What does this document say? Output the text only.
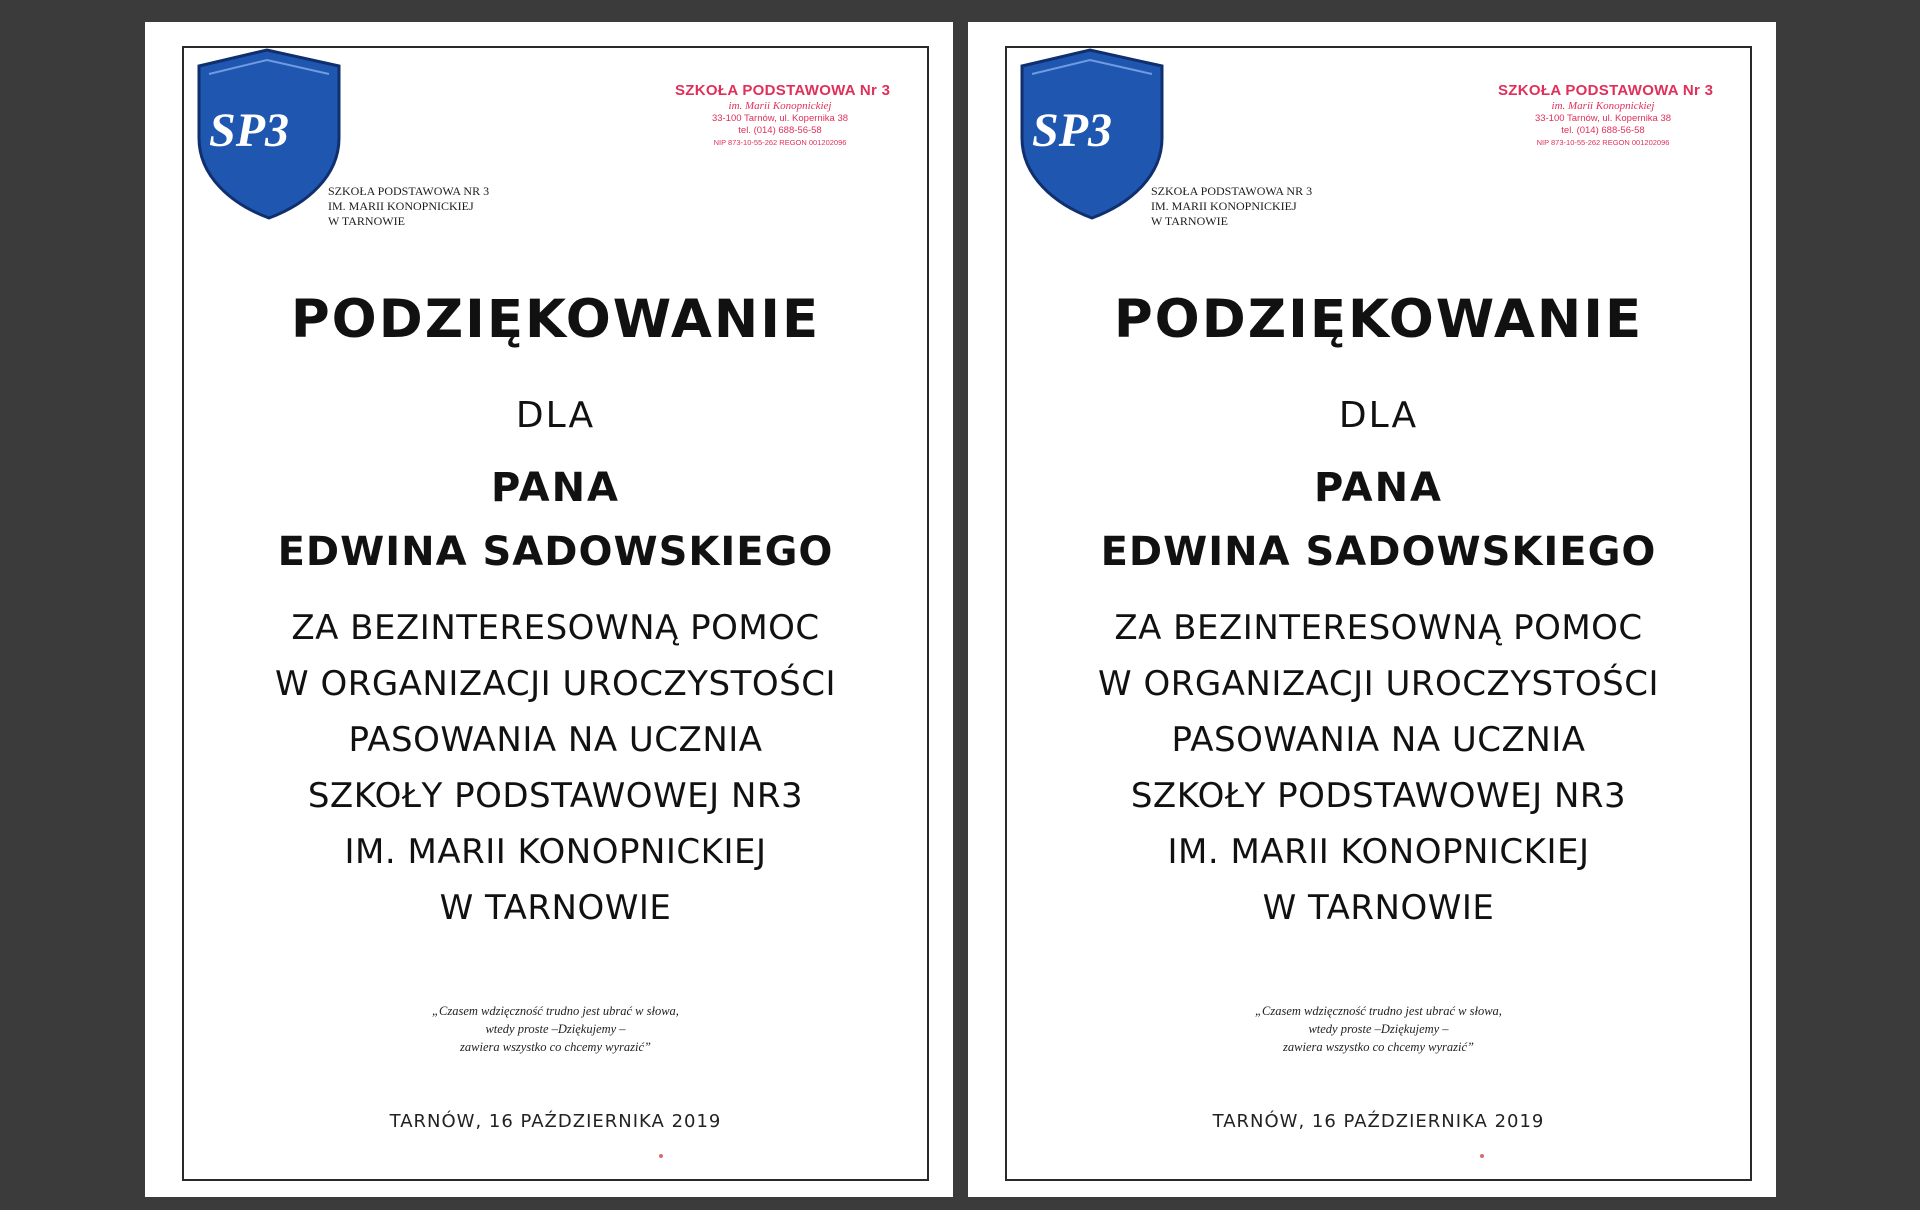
SP3
SZKOŁA PODSTAWOWA NR 3
IM. MARII KONOPNICKIEJ
W TARNOWIE
SZKOŁA PODSTAWOWA Nr 3
im. Marii Konopnickiej
33-100 Tarnów, ul. Kopernika 38
tel. (014) 688-56-58
NIP 873-10-55-262 REGON 001202096
PODZIĘKOWANIE
DLA
PANA
EDWINA SADOWSKIEGO
ZA BEZINTERESOWNĄ POMOC
W ORGANIZACJI UROCZYSTOŚCI
PASOWANIA NA UCZNIA
SZKOŁY PODSTAWOWEJ NR3
IM. MARII KONOPNICKIEJ
W TARNOWIE
„Czasem wdzięczność trudno jest ubrać w słowa,
wtedy proste –Dziękujemy –
zawiera wszystko co chcemy wyrazić”
TARNÓW, 16 PAŹDZIERNIKA 2019
SP3
SZKOŁA PODSTAWOWA NR 3
IM. MARII KONOPNICKIEJ
W TARNOWIE
SZKOŁA PODSTAWOWA Nr 3
im. Marii Konopnickiej
33-100 Tarnów, ul. Kopernika 38
tel. (014) 688-56-58
NIP 873-10-55-262 REGON 001202096
PODZIĘKOWANIE
DLA
PANA
EDWINA SADOWSKIEGO
ZA BEZINTERESOWNĄ POMOC
W ORGANIZACJI UROCZYSTOŚCI
PASOWANIA NA UCZNIA
SZKOŁY PODSTAWOWEJ NR3
IM. MARII KONOPNICKIEJ
W TARNOWIE
„Czasem wdzięczność trudno jest ubrać w słowa,
wtedy proste –Dziękujemy –
zawiera wszystko co chcemy wyrazić”
TARNÓW, 16 PAŹDZIERNIKA 2019
